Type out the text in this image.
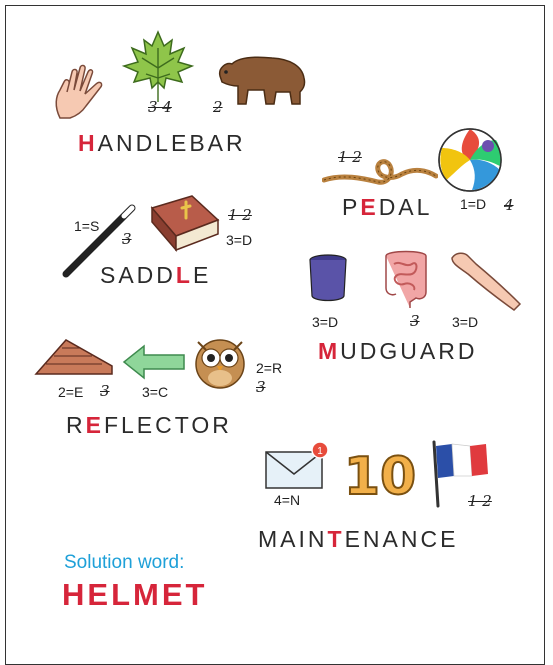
3 4	2
HANDLEBAR
1 2
PEDAL 1=D 4
1=S
3
1 2
3=D
SADDLE
3=D	3 3=D
MUDGUARD
2=R
3
2=E 3 3=C
REFLECTOR
1
4=N 10	1 2
MAINTENANCE
Solution word:
HELMET
